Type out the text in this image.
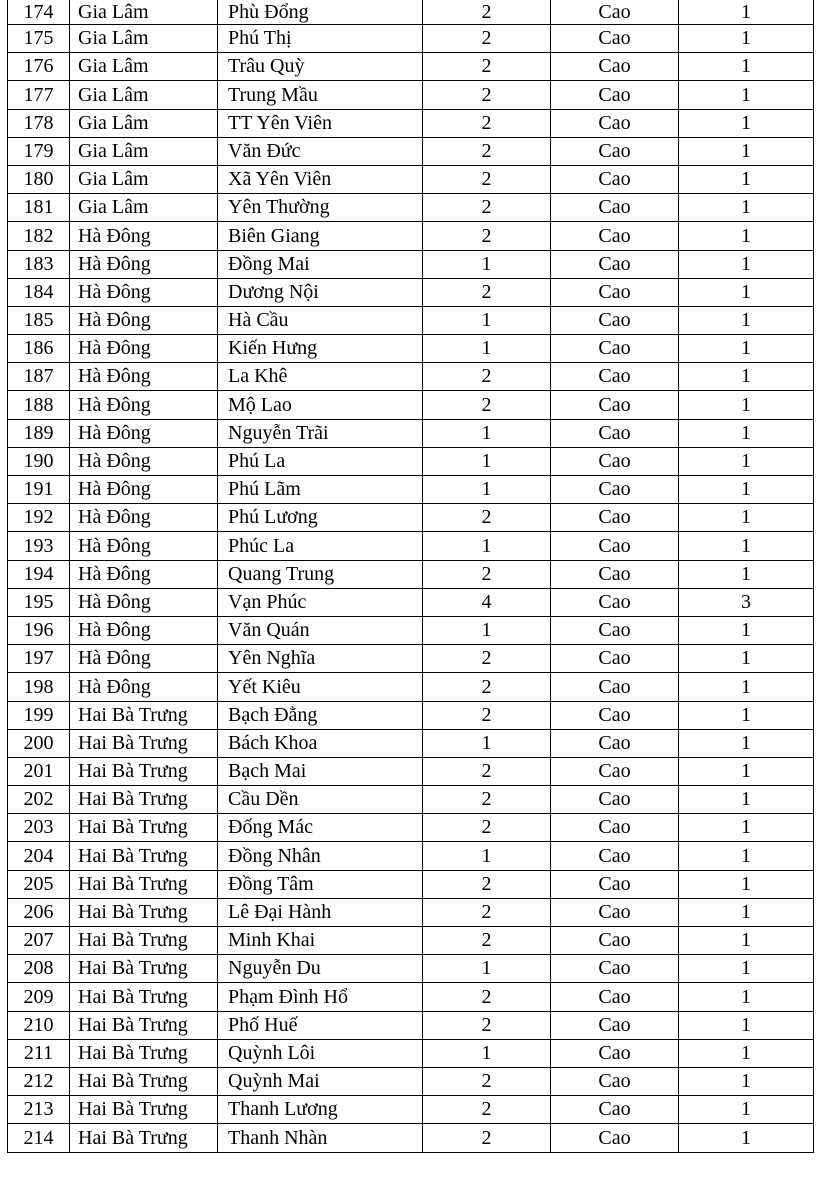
174	Gia Lâm	Phù Đổng	2	Cao	1
175	Gia Lâm	Phú Thị	2	Cao	1
176	Gia Lâm	Trâu Quỳ	2	Cao	1
177	Gia Lâm	Trung Mầu	2	Cao	1
178	Gia Lâm	TT Yên Viên	2	Cao	1
179	Gia Lâm	Văn Đức	2	Cao	1
180	Gia Lâm	Xã Yên Viên	2	Cao	1
181	Gia Lâm	Yên Thường	2	Cao	1
182	Hà Đông	Biên Giang	2	Cao	1
183	Hà Đông	Đồng Mai	1	Cao	1
184	Hà Đông	Dương Nội	2	Cao	1
185	Hà Đông	Hà Cầu	1	Cao	1
186	Hà Đông	Kiến Hưng	1	Cao	1
187	Hà Đông	La Khê	2	Cao	1
188	Hà Đông	Mộ Lao	2	Cao	1
189	Hà Đông	Nguyễn Trãi	1	Cao	1
190	Hà Đông	Phú La	1	Cao	1
191	Hà Đông	Phú Lãm	1	Cao	1
192	Hà Đông	Phú Lương	2	Cao	1
193	Hà Đông	Phúc La	1	Cao	1
194	Hà Đông	Quang Trung	2	Cao	1
195	Hà Đông	Vạn Phúc	4	Cao	3
196	Hà Đông	Văn Quán	1	Cao	1
197	Hà Đông	Yên Nghĩa	2	Cao	1
198	Hà Đông	Yết Kiêu	2	Cao	1
199	Hai Bà Trưng	Bạch Đằng	2	Cao	1
200	Hai Bà Trưng	Bách Khoa	1	Cao	1
201	Hai Bà Trưng	Bạch Mai	2	Cao	1
202	Hai Bà Trưng	Cầu Dền	2	Cao	1
203	Hai Bà Trưng	Đống Mác	2	Cao	1
204	Hai Bà Trưng	Đồng Nhân	1	Cao	1
205	Hai Bà Trưng	Đồng Tâm	2	Cao	1
206	Hai Bà Trưng	Lê Đại Hành	2	Cao	1
207	Hai Bà Trưng	Minh Khai	2	Cao	1
208	Hai Bà Trưng	Nguyễn Du	1	Cao	1
209	Hai Bà Trưng	Phạm Đình Hổ	2	Cao	1
210	Hai Bà Trưng	Phố Huế	2	Cao	1
211	Hai Bà Trưng	Quỳnh Lôi	1	Cao	1
212	Hai Bà Trưng	Quỳnh Mai	2	Cao	1
213	Hai Bà Trưng	Thanh Lương	2	Cao	1
214	Hai Bà Trưng	Thanh Nhàn	2	Cao	1
